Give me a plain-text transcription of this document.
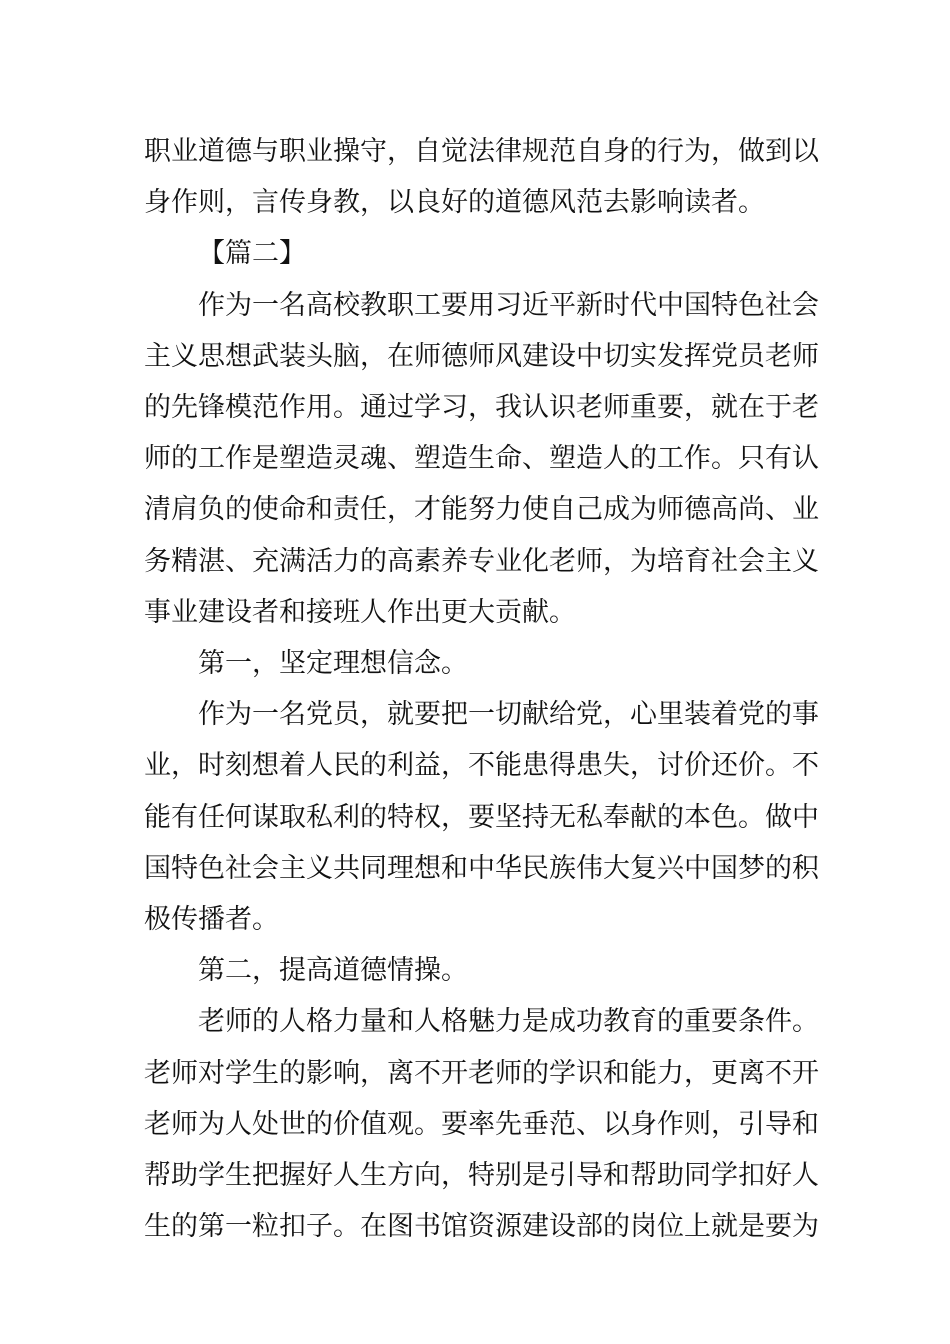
职业道德与职业操守，自觉法律规范自身的行为，做到以
身作则，言传身教，以良好的道德风范去影响读者。
【篇二】
作为一名高校教职工要用习近平新时代中国特色社会
主义思想武装头脑，在师德师风建设中切实发挥党员老师
的先锋模范作用。通过学习，我认识老师重要，就在于老
师的工作是塑造灵魂、塑造生命、塑造人的工作。只有认
清肩负的使命和责任，才能努力使自己成为师德高尚、业
务精湛、充满活力的高素养专业化老师，为培育社会主义
事业建设者和接班人作出更大贡献。
第一，坚定理想信念。
作为一名党员，就要把一切献给党，心里装着党的事
业，时刻想着人民的利益，不能患得患失，讨价还价。不
能有任何谋取私利的特权，要坚持无私奉献的本色。做中
国特色社会主义共同理想和中华民族伟大复兴中国梦的积
极传播者。
第二，提高道德情操。
老师的人格力量和人格魅力是成功教育的重要条件。
老师对学生的影响，离不开老师的学识和能力，更离不开
老师为人处世的价值观。要率先垂范、以身作则，引导和
帮助学生把握好人生方向，特别是引导和帮助同学扣好人
生的第一粒扣子。在图书馆资源建设部的岗位上就是要为
